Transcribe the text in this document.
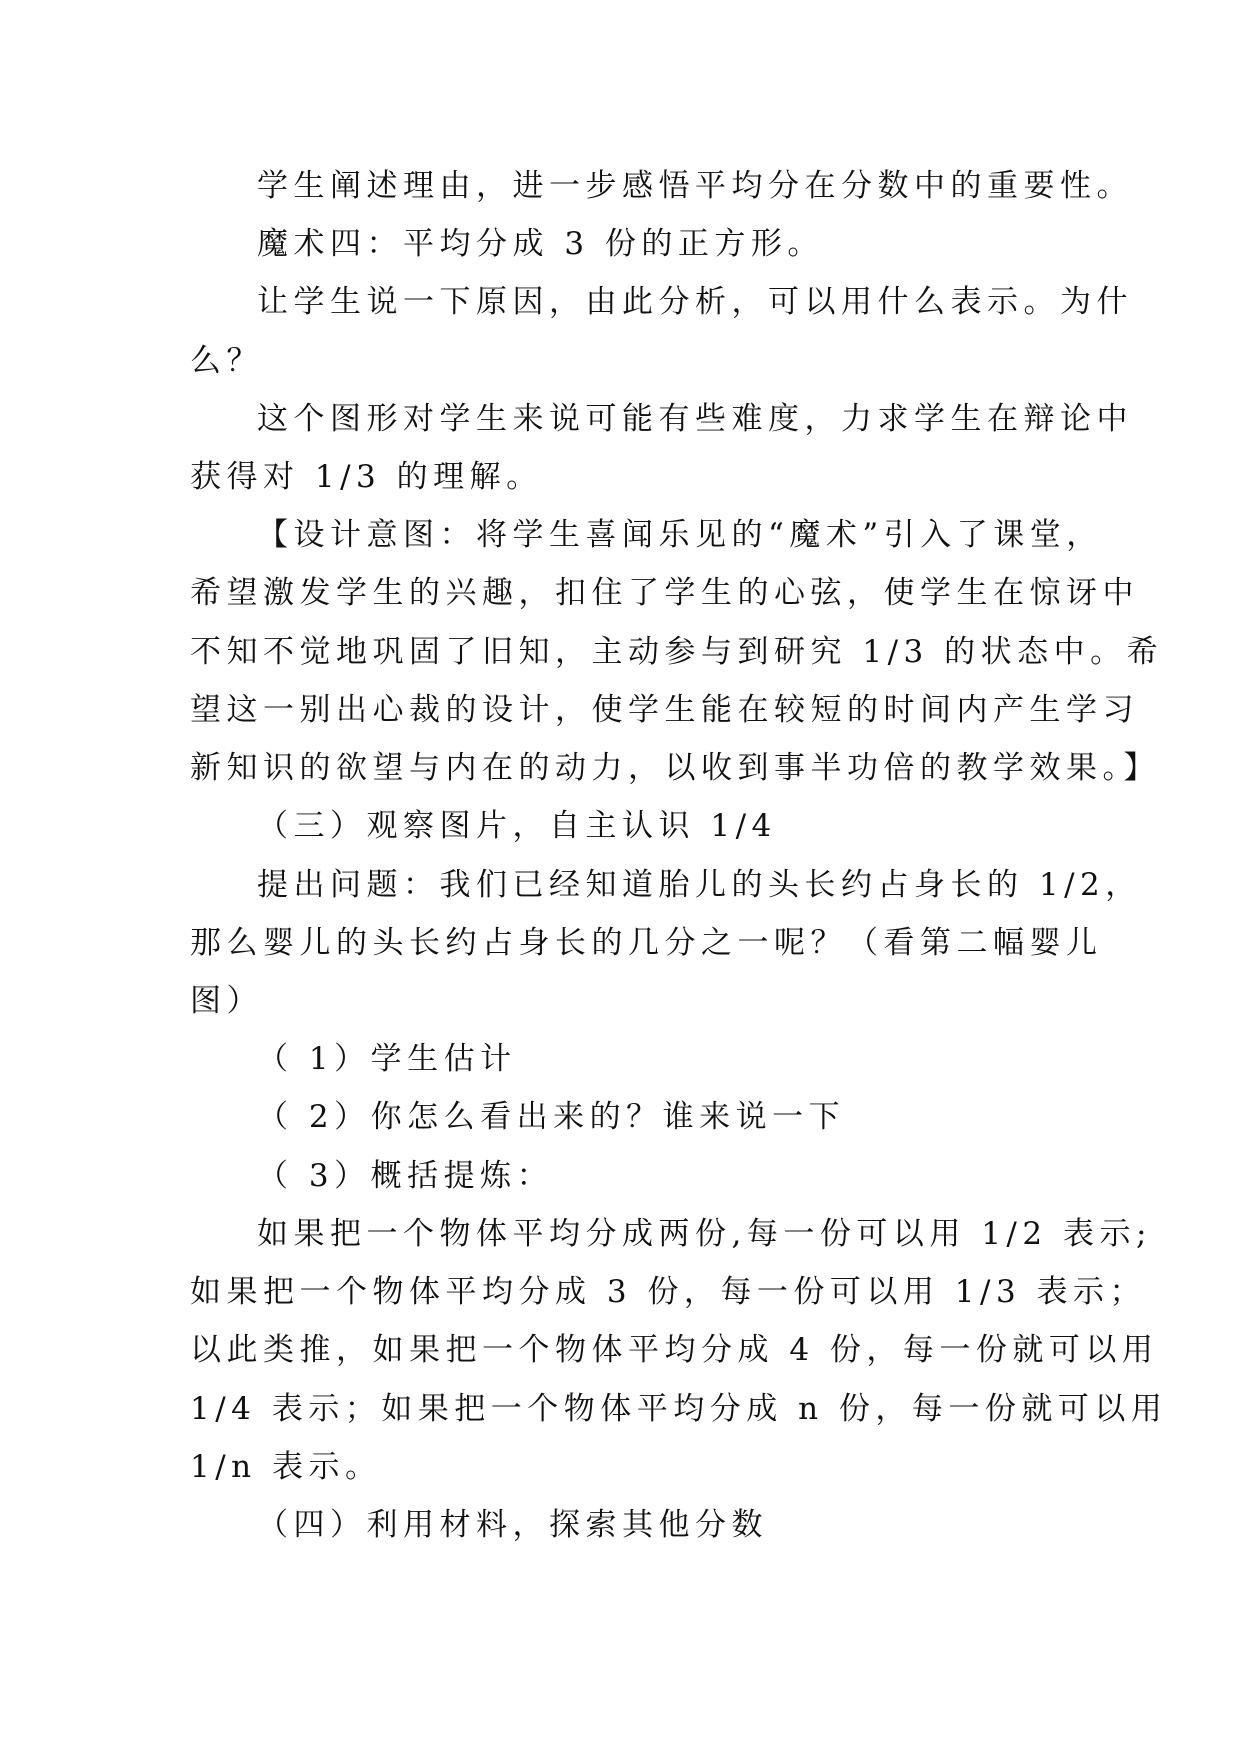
学生阐述理由，进一步感悟平均分在分数中的重要性。
魔术四：平均分成 3 份的正方形。
让学生说一下原因，由此分析，可以用什么表示。为什
么？
这个图形对学生来说可能有些难度，力求学生在辩论中
获得对 1/3 的理解。
【设计意图：将学生喜闻乐见的“魔术”引入了课堂，
希望激发学生的兴趣，扣住了学生的心弦，使学生在惊讶中
不知不觉地巩固了旧知，主动参与到研究 1/3 的状态中。希
望这一别出心裁的设计，使学生能在较短的时间内产生学习
新知识的欲望与内在的动力，以收到事半功倍的教学效果。】
（三）观察图片，自主认识 1/4
提出问题：我们已经知道胎儿的头长约占身长的 1/2，
那么婴儿的头长约占身长的几分之一呢？（看第二幅婴儿
图）
（ 1）学生估计
（ 2）你怎么看出来的？谁来说一下
（ 3）概括提炼：
如果把一个物体平均分成两份,每一份可以用 1/2 表示;
如果把一个物体平均分成 3 份，每一份可以用 1/3 表示；
以此类推，如果把一个物体平均分成 4 份，每一份就可以用
1/4 表示；如果把一个物体平均分成 n 份，每一份就可以用
1/n 表示。
（四）利用材料，探索其他分数
